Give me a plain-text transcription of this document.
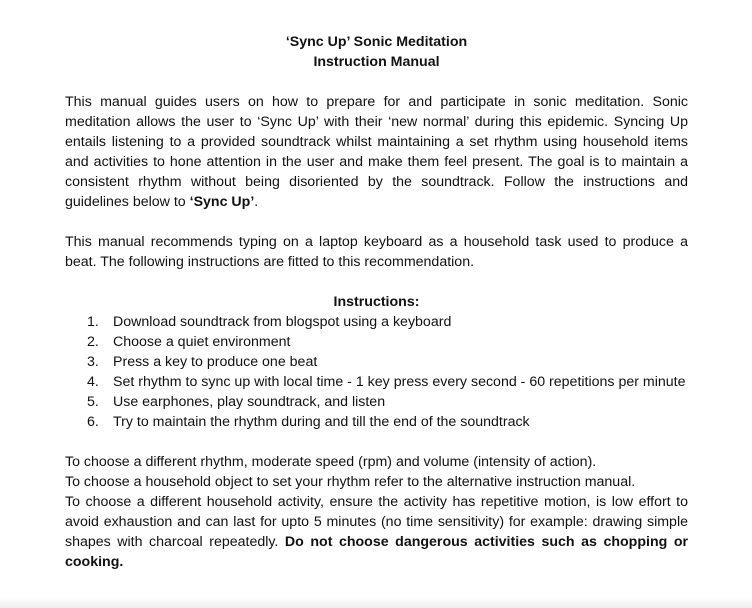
‘Sync Up’ Sonic Meditation

Instruction Manual

This manual guides users on how to prepare for and participate in sonic meditation. Sonic meditation allows the user to ‘Sync Up’ with their ‘new normal’ during this epidemic. Syncing Up entails listening to a provided soundtrack whilst maintaining a set rhythm using household items and activities to hone attention in the user and make them feel present. The goal is to maintain a consistent rhythm without being disoriented by the soundtrack. Follow the instructions and guidelines below to ‘Sync Up’.

This manual recommends typing on a laptop keyboard as a household task used to produce a beat. The following instructions are fitted to this recommendation.

Instructions:

1. Download soundtrack from blogspot using a keyboard
2. Choose a quiet environment
3. Press a key to produce one beat
4. Set rhythm to sync up with local time - 1 key press every second - 60 repetitions per minute
5. Use earphones, play soundtrack, and listen
6. Try to maintain the rhythm during and till the end of the soundtrack

To choose a different rhythm, moderate speed (rpm) and volume (intensity of action).

To choose a household object to set your rhythm refer to the alternative instruction manual.

To choose a different household activity, ensure the activity has repetitive motion, is low effort to avoid exhaustion and can last for upto 5 minutes (no time sensitivity) for example: drawing simple shapes with charcoal repeatedly. Do not choose dangerous activities such as chopping or cooking.
